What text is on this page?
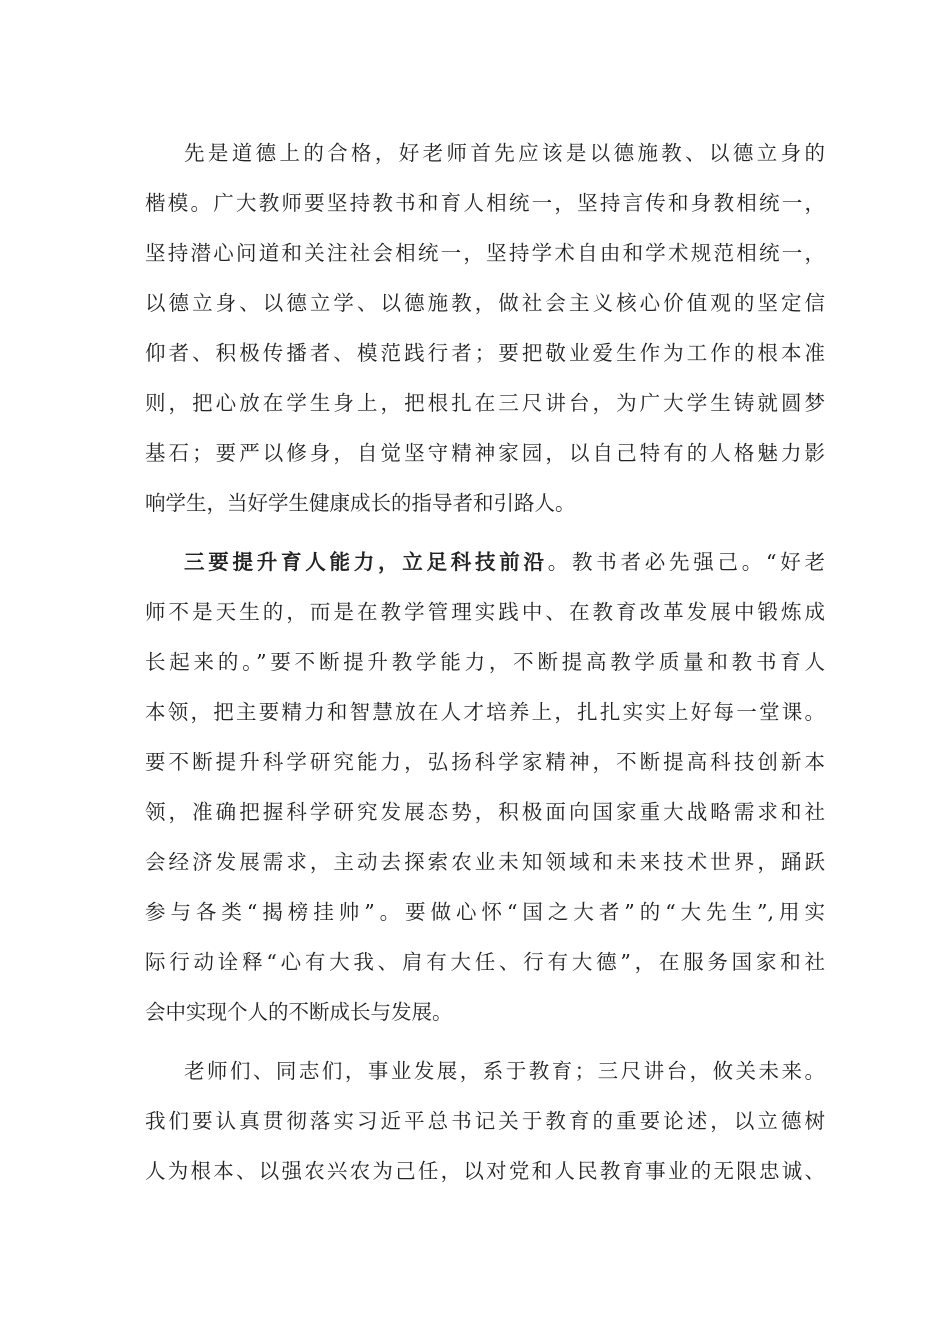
先是道德上的合格，好老师首先应该是以德施教、以德立身的
楷模。广大教师要坚持教书和育人相统一，坚持言传和身教相统一，
坚持潜心问道和关注社会相统一，坚持学术自由和学术规范相统一，
以德立身、以德立学、以德施教，做社会主义核心价值观的坚定信
仰者、积极传播者、模范践行者；要把敬业爱生作为工作的根本准
则，把心放在学生身上，把根扎在三尺讲台，为广大学生铸就圆梦
基石；要严以修身，自觉坚守精神家园，以自己特有的人格魅力影
响学生，当好学生健康成长的指导者和引路人。
三要提升育人能力，立足科技前沿。教书者必先强己。“好老
师不是天生的，而是在教学管理实践中、在教育改革发展中锻炼成
长起来的。”要不断提升教学能力，不断提高教学质量和教书育人
本领，把主要精力和智慧放在人才培养上，扎扎实实上好每一堂课。
要不断提升科学研究能力，弘扬科学家精神，不断提高科技创新本
领，准确把握科学研究发展态势，积极面向国家重大战略需求和社
会经济发展需求，主动去探索农业未知领域和未来技术世界，踊跃
参与各类“揭榜挂帅”。要做心怀“国之大者”的“大先生”,用实
际行动诠释“心有大我、肩有大任、行有大德”，在服务国家和社
会中实现个人的不断成长与发展。
老师们、同志们，事业发展，系于教育；三尺讲台，攸关未来。
我们要认真贯彻落实习近平总书记关于教育的重要论述，以立德树
人为根本、以强农兴农为己任，以对党和人民教育事业的无限忠诚、
